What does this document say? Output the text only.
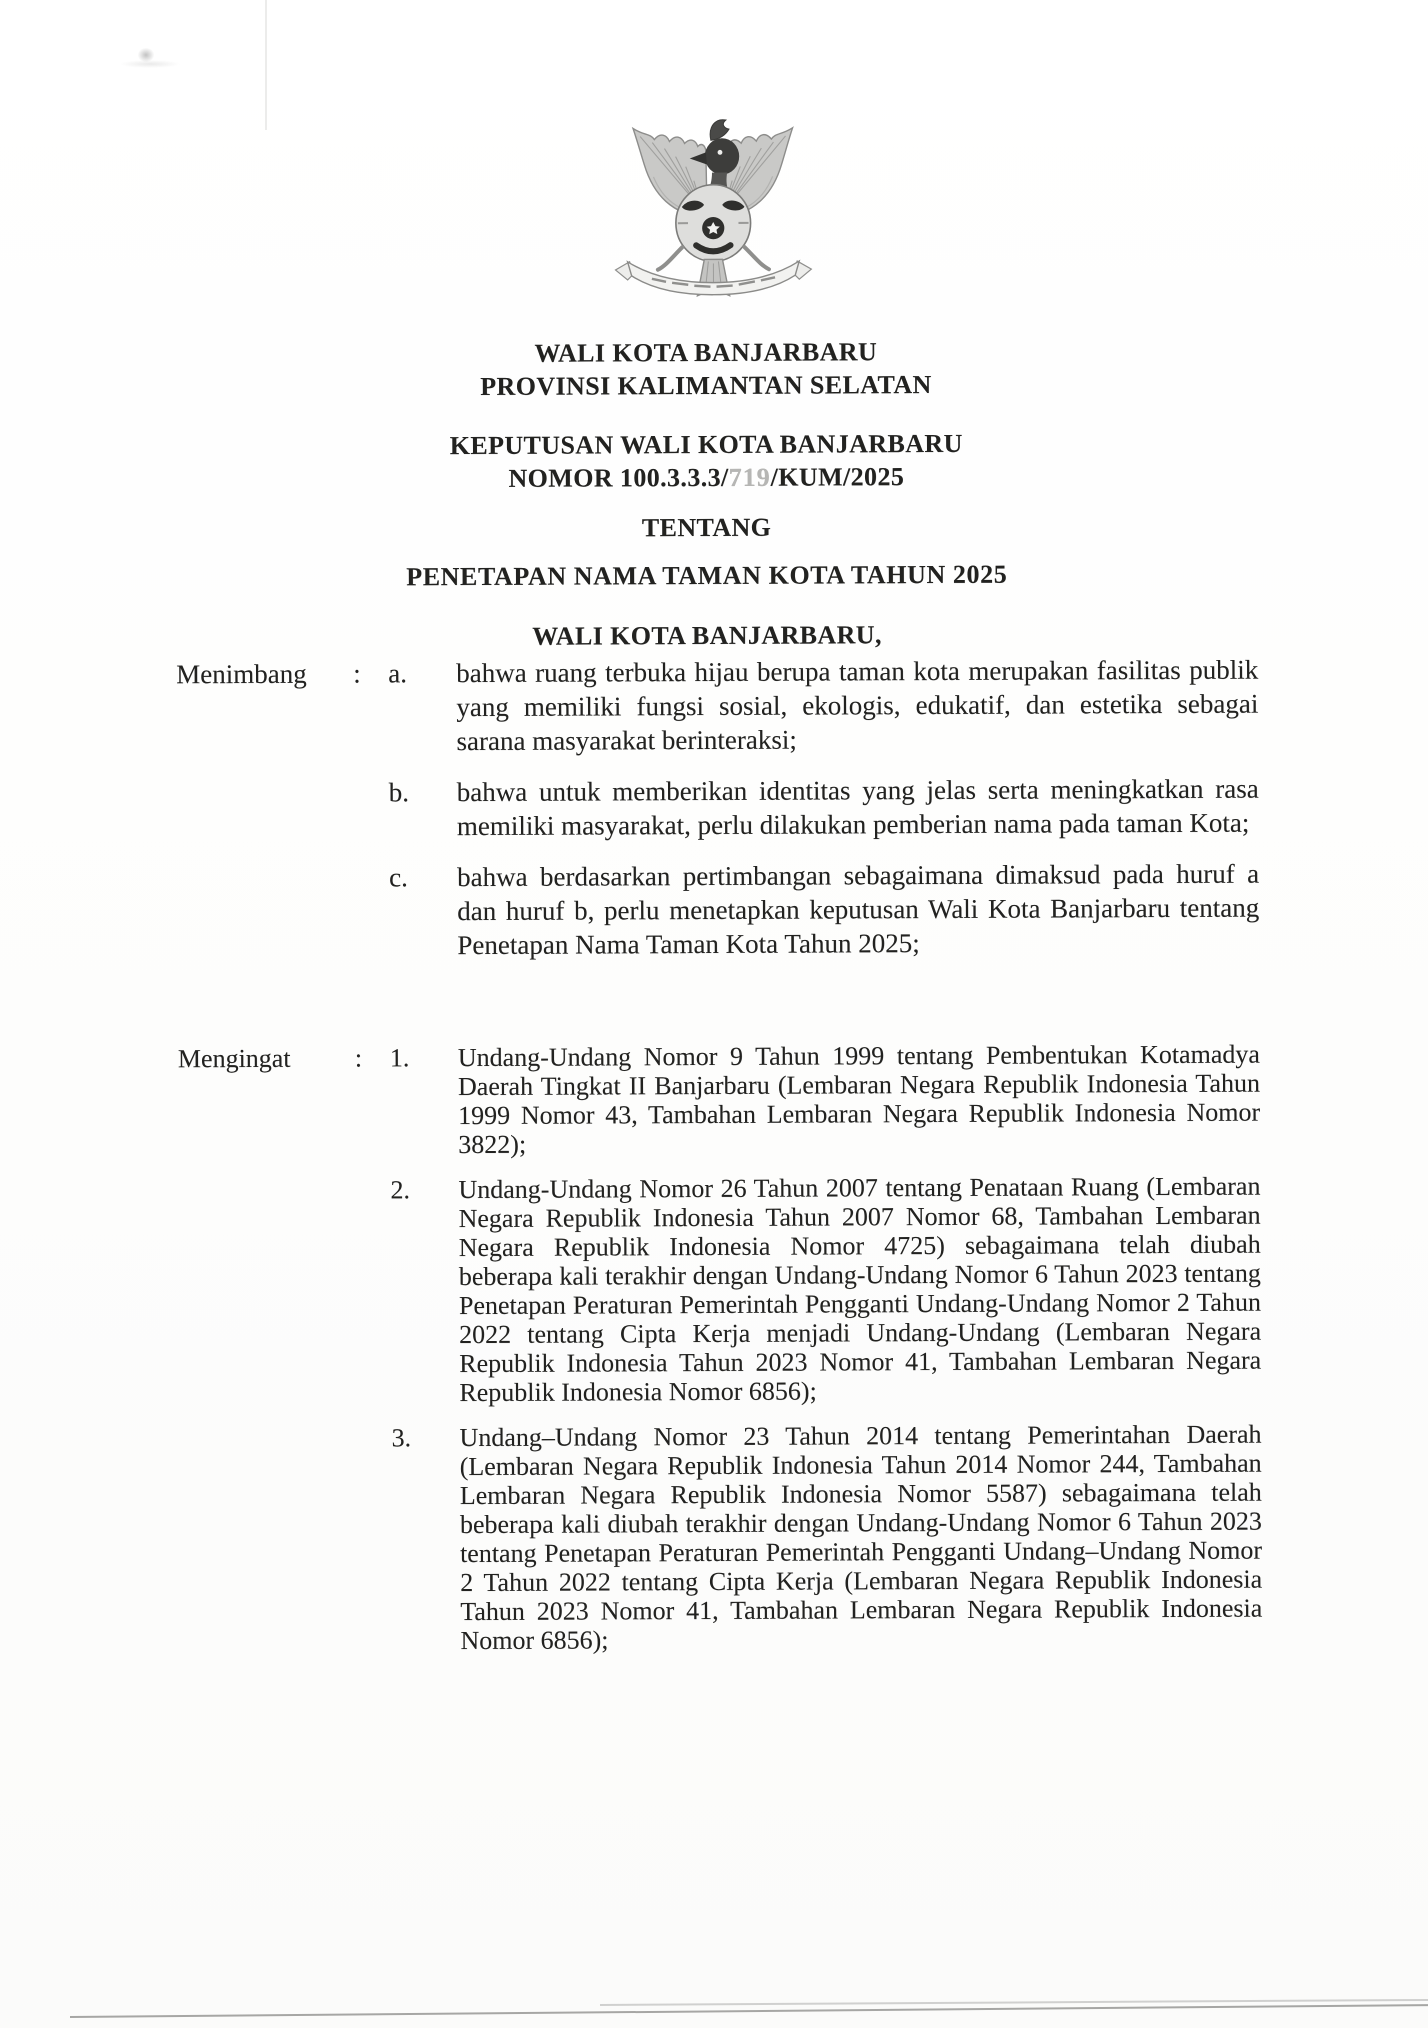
WALI KOTA BANJARBARU
PROVINSI KALIMANTAN SELATAN
KEPUTUSAN WALI KOTA BANJARBARU
NOMOR 100.3.3.3/719/KUM/2025
TENTANG
PENETAPAN NAMA TAMAN KOTA TAHUN 2025
WALI KOTA BANJARBARU,
Menimbang : a. bahwa ruang terbuka hijau berupa taman kota merupakan fasilitas publik yang memiliki fungsi sosial, ekologis, edukatif, dan estetika sebagai sarana masyarakat berinteraksi;
b. bahwa untuk memberikan identitas yang jelas serta meningkatkan rasa memiliki masyarakat, perlu dilakukan pemberian nama pada taman Kota;
c. bahwa berdasarkan pertimbangan sebagaimana dimaksud pada huruf a dan huruf b, perlu menetapkan keputusan Wali Kota Banjarbaru tentang Penetapan Nama Taman Kota Tahun 2025;
Mengingat : 1. Undang-Undang Nomor 9 Tahun 1999 tentang Pembentukan Kotamadya Daerah Tingkat II Banjarbaru (Lembaran Negara Republik Indonesia Tahun 1999 Nomor 43, Tambahan Lembaran Negara Republik Indonesia Nomor 3822);
2. Undang-Undang Nomor 26 Tahun 2007 tentang Penataan Ruang (Lembaran Negara Republik Indonesia Tahun 2007 Nomor 68, Tambahan Lembaran Negara Republik Indonesia Nomor 4725) sebagaimana telah diubah beberapa kali terakhir dengan Undang-Undang Nomor 6 Tahun 2023 tentang Penetapan Peraturan Pemerintah Pengganti Undang-Undang Nomor 2 Tahun 2022 tentang Cipta Kerja menjadi Undang-Undang (Lembaran Negara Republik Indonesia Tahun 2023 Nomor 41, Tambahan Lembaran Negara Republik Indonesia Nomor 6856);
3. Undang–Undang Nomor 23 Tahun 2014 tentang Pemerintahan Daerah (Lembaran Negara Republik Indonesia Tahun 2014 Nomor 244, Tambahan Lembaran Negara Republik Indonesia Nomor 5587) sebagaimana telah beberapa kali diubah terakhir dengan Undang-Undang Nomor 6 Tahun 2023 tentang Penetapan Peraturan Pemerintah Pengganti Undang–Undang Nomor 2 Tahun 2022 tentang Cipta Kerja (Lembaran Negara Republik Indonesia Tahun 2023 Nomor 41, Tambahan Lembaran Negara Republik Indonesia Nomor 6856);
